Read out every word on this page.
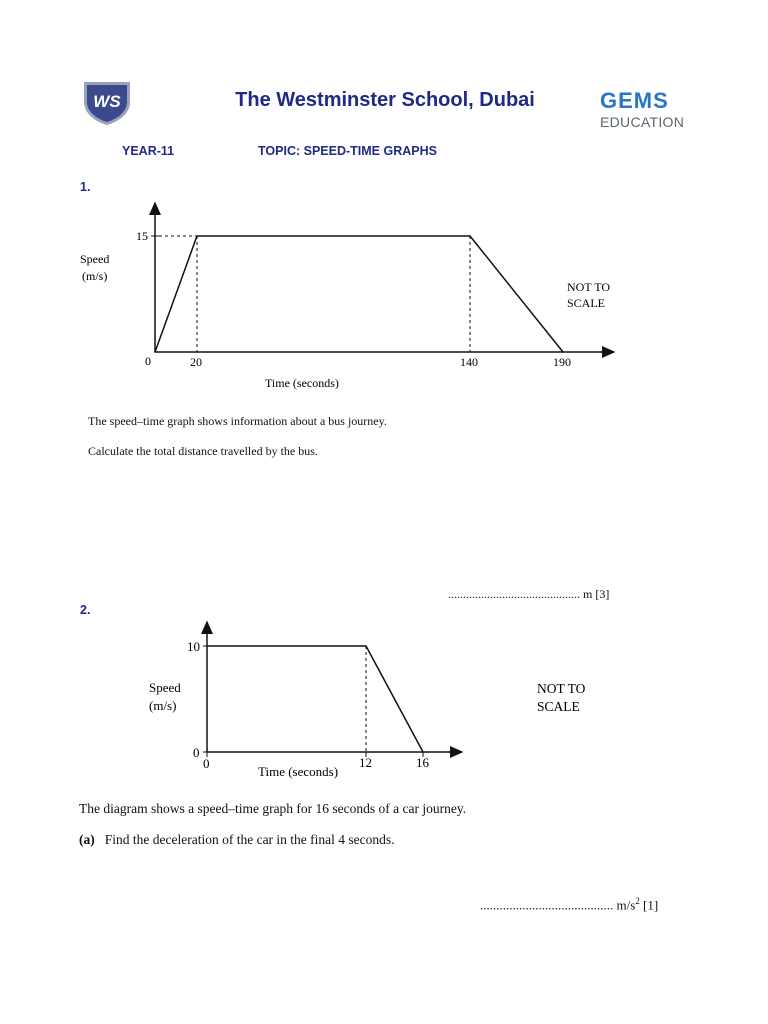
WS	The Westminster School, Dubai	GEMS
EDUCATION
YEAR-11	TOPIC: SPEED-TIME GRAPHS
1.
15
0	20	140	190
Speed
(m/s)
Time (seconds)
NOT TO
SCALE
10
0
0	12	16
Speed
(m/s)
Time (seconds)
NOT TO
SCALE
The speed–time graph shows information about a bus journey.
Calculate the total distance travelled by the bus.
............................................ m [3]
2.
The diagram shows a speed–time graph for 16 seconds of a car journey.
(a) Find the deceleration of the car in the final 4 seconds.
......................................... $m/s^2$ [1]
